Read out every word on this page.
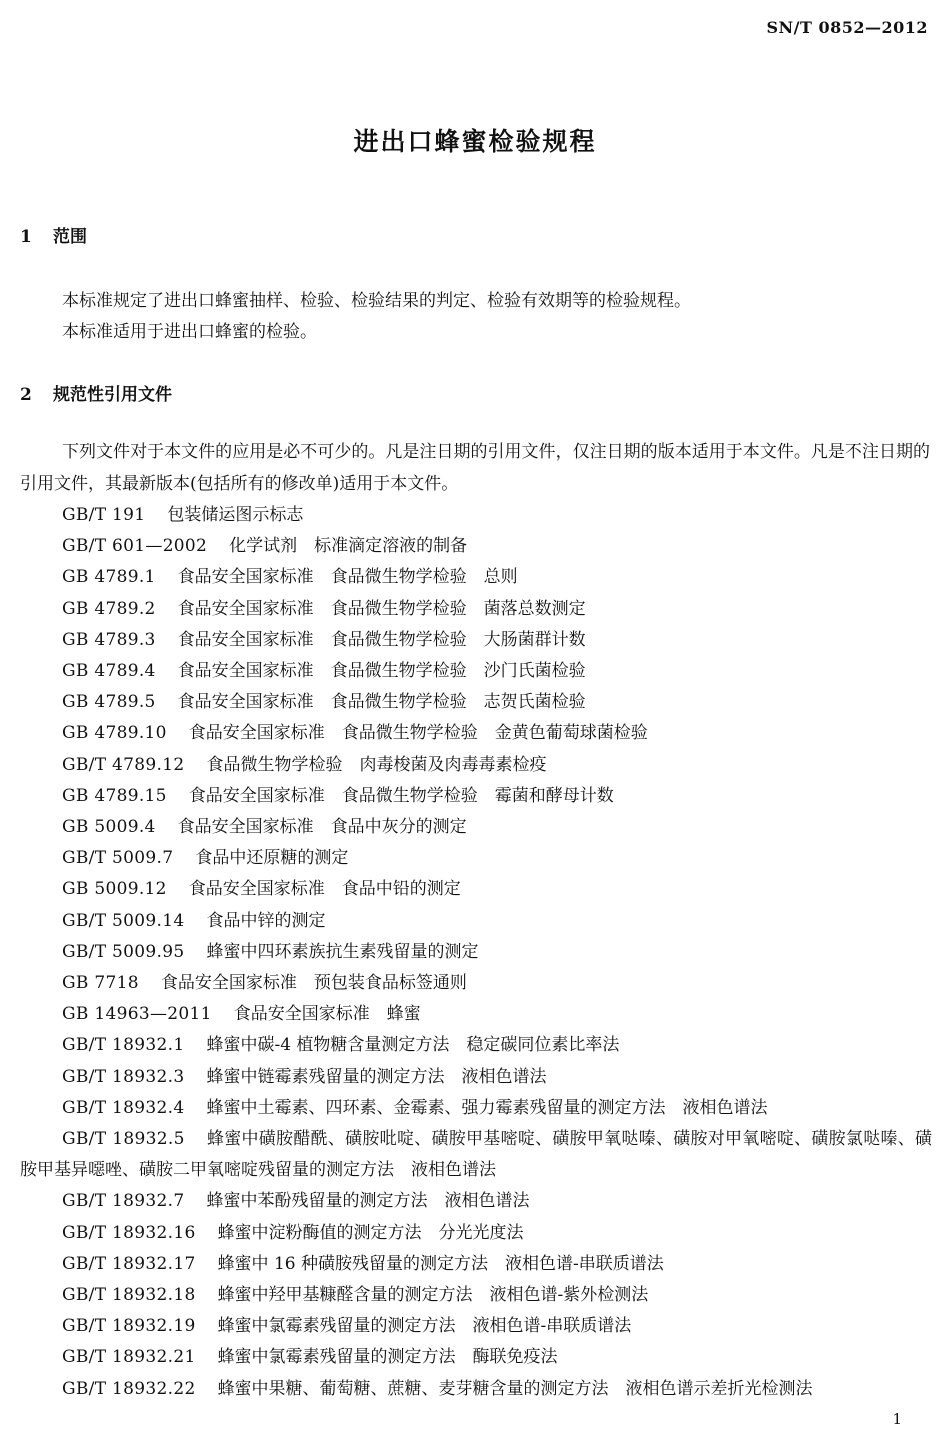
SN/T 0852—2012
进出口蜂蜜检验规程
1 范围
本标准规定了进出口蜂蜜抽样、检验、检验结果的判定、检验有效期等的检验规程。
本标准适用于进出口蜂蜜的检验。
2 规范性引用文件

下列文件对于本文件的应用是必不可少的。凡是注日期的引用文件，仅注日期的版本适用于本文件。凡是不注日期的引用文件，其最新版本(包括所有的修改单)适用于本文件。

GB/T 191 包装储运图示标志
GB/T 601—2002 化学试剂　标准滴定溶液的制备
GB 4789.1 食品安全国家标准　食品微生物学检验　总则
GB 4789.2 食品安全国家标准　食品微生物学检验　菌落总数测定
GB 4789.3 食品安全国家标准　食品微生物学检验　大肠菌群计数
GB 4789.4 食品安全国家标准　食品微生物学检验　沙门氏菌检验
GB 4789.5 食品安全国家标准　食品微生物学检验　志贺氏菌检验
GB 4789.10 食品安全国家标准　食品微生物学检验　金黄色葡萄球菌检验
GB/T 4789.12 食品微生物学检验　肉毒梭菌及肉毒毒素检疫
GB 4789.15 食品安全国家标准　食品微生物学检验　霉菌和酵母计数
GB 5009.4 食品安全国家标准　食品中灰分的测定
GB/T 5009.7 食品中还原糖的测定
GB 5009.12 食品安全国家标准　食品中铅的测定
GB/T 5009.14 食品中锌的测定
GB/T 5009.95 蜂蜜中四环素族抗生素残留量的测定
GB 7718 食品安全国家标准　预包装食品标签通则
GB 14963—2011 食品安全国家标准　蜂蜜
GB/T 18932.1 蜂蜜中碳-4 植物糖含量测定方法　稳定碳同位素比率法
GB/T 18932.3 蜂蜜中链霉素残留量的测定方法　液相色谱法
GB/T 18932.4 蜂蜜中土霉素、四环素、金霉素、强力霉素残留量的测定方法　液相色谱法
GB/T 18932.5 蜂蜜中磺胺醋酰、磺胺吡啶、磺胺甲基嘧啶、磺胺甲氧哒嗪、磺胺对甲氧嘧啶、磺胺氯哒嗪、磺胺甲基异噁唑、磺胺二甲氧嘧啶残留量的测定方法　液相色谱法
GB/T 18932.7 蜂蜜中苯酚残留量的测定方法　液相色谱法
GB/T 18932.16 蜂蜜中淀粉酶值的测定方法　分光光度法
GB/T 18932.17 蜂蜜中 16 种磺胺残留量的测定方法　液相色谱-串联质谱法
GB/T 18932.18 蜂蜜中羟甲基糠醛含量的测定方法　液相色谱-紫外检测法
GB/T 18932.19 蜂蜜中氯霉素残留量的测定方法　液相色谱-串联质谱法
GB/T 18932.21 蜂蜜中氯霉素残留量的测定方法　酶联免疫法
GB/T 18932.22 蜂蜜中果糖、葡萄糖、蔗糖、麦芽糖含量的测定方法　液相色谱示差折光检测法
1
